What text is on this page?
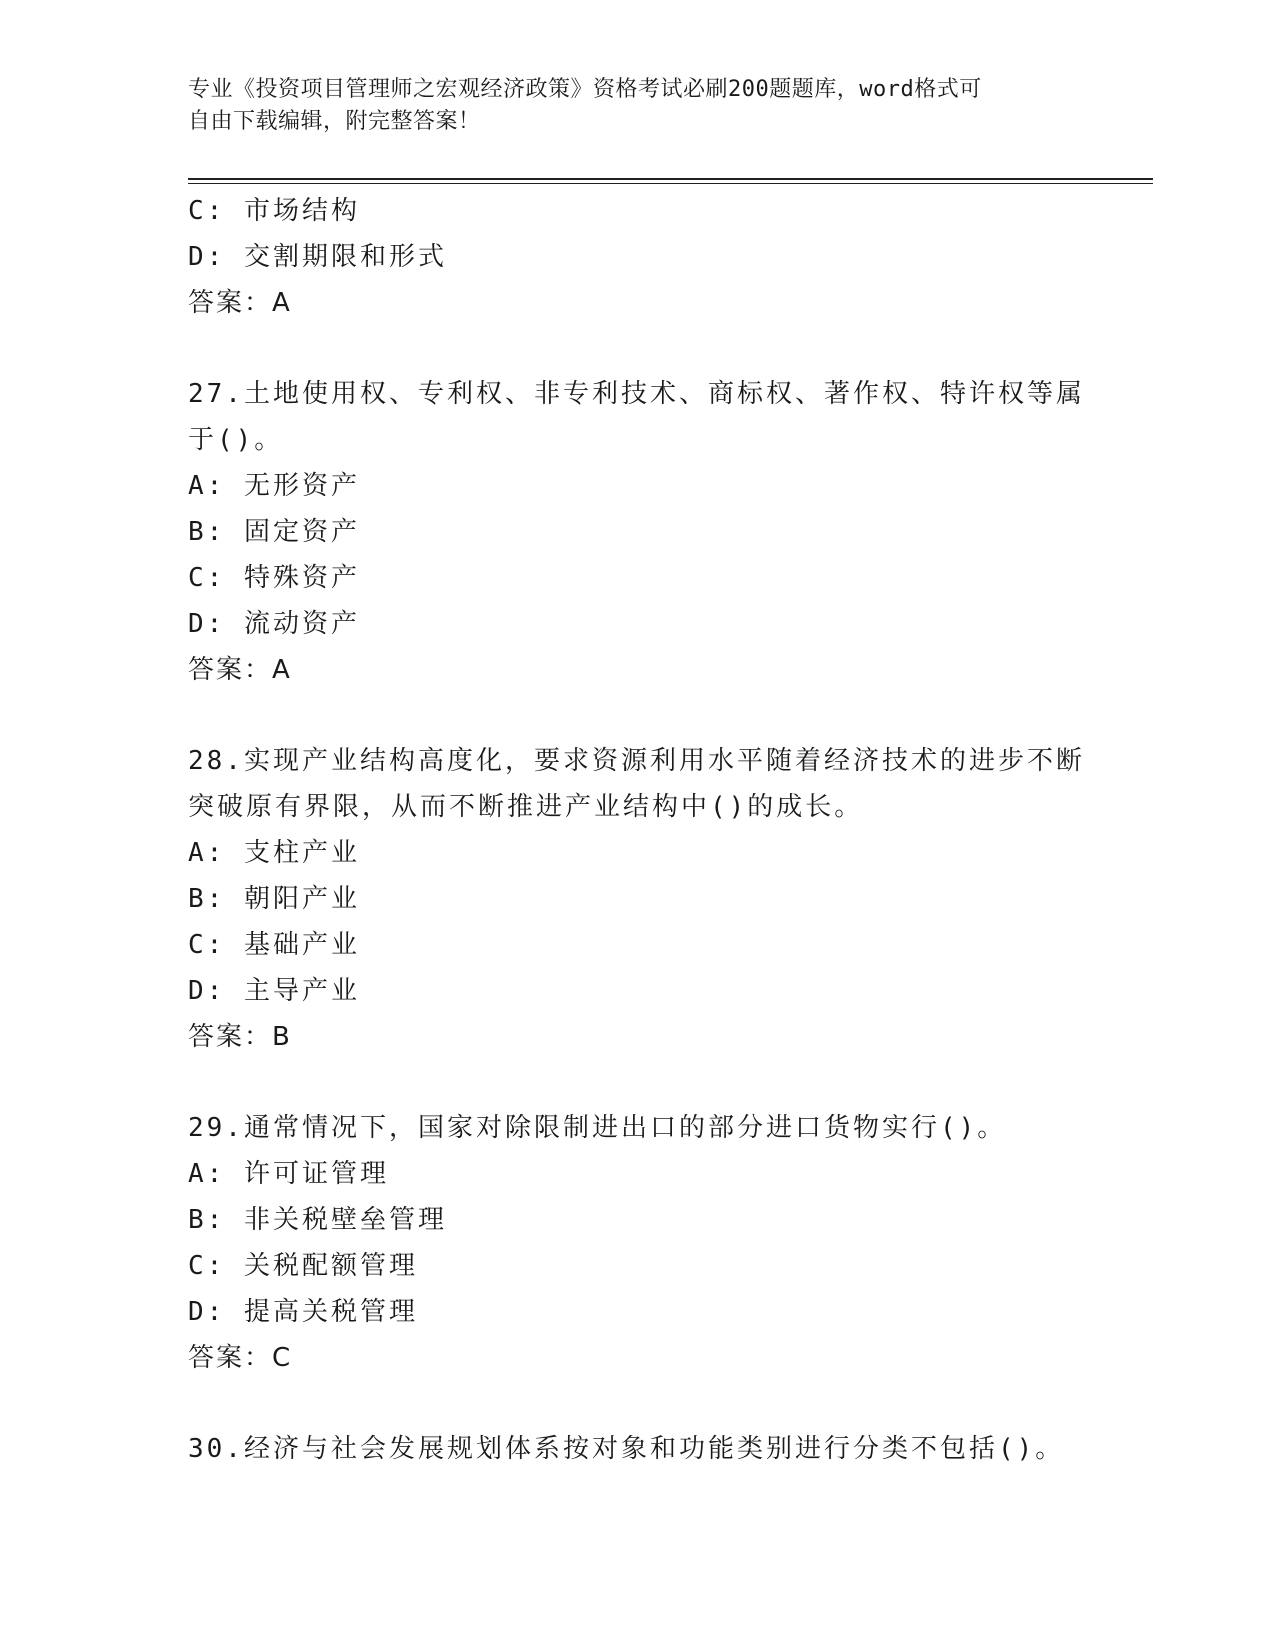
专业《投资项目管理师之宏观经济政策》资格考试必刷200题题库，word格式可
自由下载编辑，附完整答案！
C: 市场结构
D: 交割期限和形式
答案：A
27.土地使用权、专利权、非专利技术、商标权、著作权、特许权等属
于()。
A: 无形资产
B: 固定资产
C: 特殊资产
D: 流动资产
答案：A
28.实现产业结构高度化，要求资源利用水平随着经济技术的进步不断
突破原有界限，从而不断推进产业结构中()的成长。
A: 支柱产业
B: 朝阳产业
C: 基础产业
D: 主导产业
答案：B
29.通常情况下，国家对除限制进出口的部分进口货物实行()。
A: 许可证管理
B: 非关税壁垒管理
C: 关税配额管理
D: 提高关税管理
答案：C
30.经济与社会发展规划体系按对象和功能类别进行分类不包括()。
